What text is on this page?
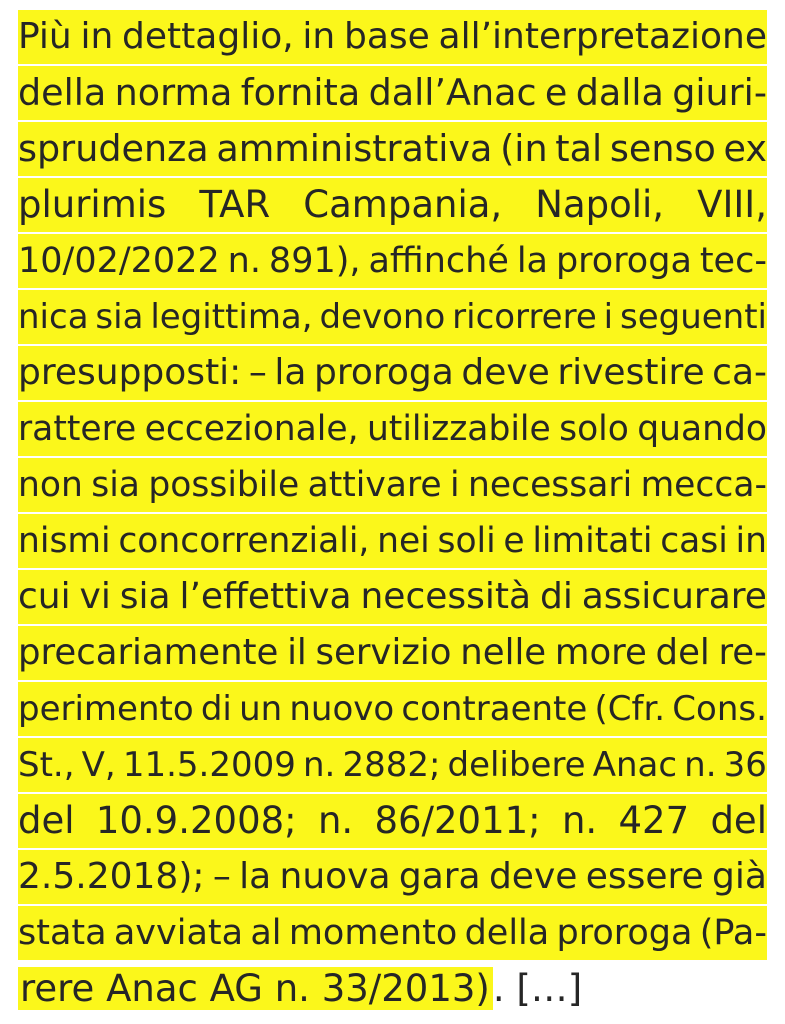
Più in dettaglio, in base all’interpretazione
della norma fornita dall’Anac e dalla giuri-
sprudenza amministrativa (in tal senso ex
plurimis TAR Campania, Napoli, VIII,
10/02/2022 n. 891), affinché la proroga tec-
nica sia legittima, devono ricorrere i seguenti
presupposti: – la proroga deve rivestire ca-
rattere eccezionale, utilizzabile solo quando
non sia possibile attivare i necessari mecca-
nismi concorrenziali, nei soli e limitati casi in
cui vi sia l’effettiva necessità di assicurare
precariamente il servizio nelle more del re-
perimento di un nuovo contraente (Cfr. Cons.
St., V, 11.5.2009 n. 2882; delibere Anac n. 36
del 10.9.2008; n. 86/2011; n. 427 del
2.5.2018); – la nuova gara deve essere già
stata avviata al momento della proroga (Pa-
rere Anac AG n. 33/2013). […]
